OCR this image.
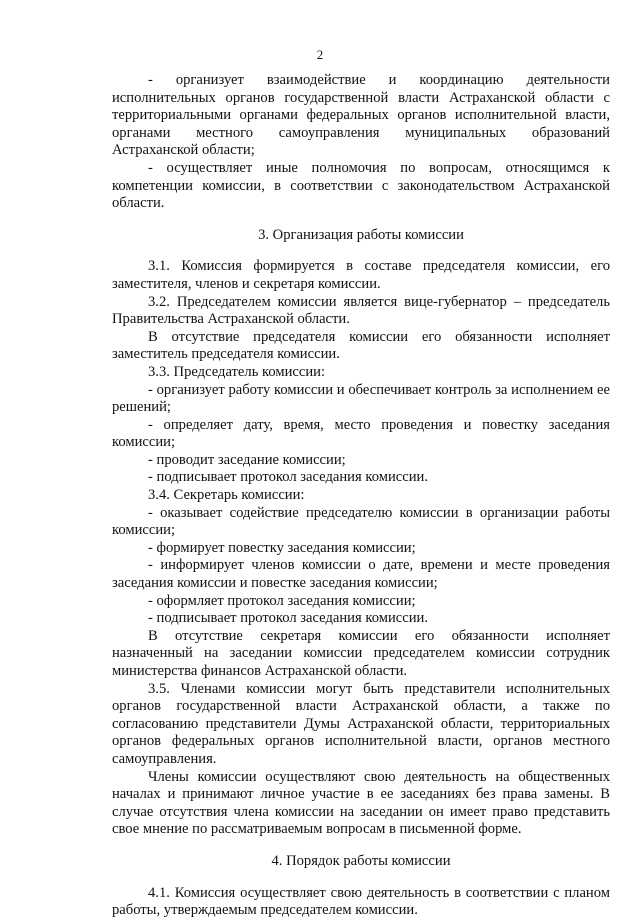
2

- организует взаимодействие и координацию деятельности исполнительных органов государственной власти Астраханской области с территориальными органами федеральных органов исполнительной власти, органами местного самоуправления муниципальных образований Астраханской области;

- осуществляет иные полномочия по вопросам, относящимся к компетенции комиссии, в соответствии с законодательством Астраханской области.

3. Организация работы комиссии

3.1. Комиссия формируется в составе председателя комиссии, его заместителя, членов и секретаря комиссии.

3.2. Председателем комиссии является вице-губернатор – председатель Правительства Астраханской области.

В отсутствие председателя комиссии его обязанности исполняет заместитель председателя комиссии.

3.3. Председатель комиссии:

- организует работу комиссии и обеспечивает контроль за исполнением ее решений;

- определяет дату, время, место проведения и повестку заседания комиссии;

- проводит заседание комиссии;

- подписывает протокол заседания комиссии.

3.4. Секретарь комиссии:

- оказывает содействие председателю комиссии в организации работы комиссии;

- формирует повестку заседания комиссии;

- информирует членов комиссии о дате, времени и месте проведения заседания комиссии и повестке заседания комиссии;

- оформляет протокол заседания комиссии;

- подписывает протокол заседания комиссии.

В отсутствие секретаря комиссии его обязанности исполняет назначенный на заседании комиссии председателем комиссии сотрудник министерства финансов Астраханской области.

3.5. Членами комиссии могут быть представители исполнительных органов государственной власти Астраханской области, а также по согласованию представители Думы Астраханской области, территориальных органов федеральных органов исполнительной власти, органов местного самоуправления.

Члены комиссии осуществляют свою деятельность на общественных началах и принимают личное участие в ее заседаниях без права замены. В случае отсутствия члена комиссии на заседании он имеет право представить свое мнение по рассматриваемым вопросам в письменной форме.

4. Порядок работы комиссии

4.1. Комиссия осуществляет свою деятельность в соответствии с планом работы, утверждаемым председателем комиссии.
